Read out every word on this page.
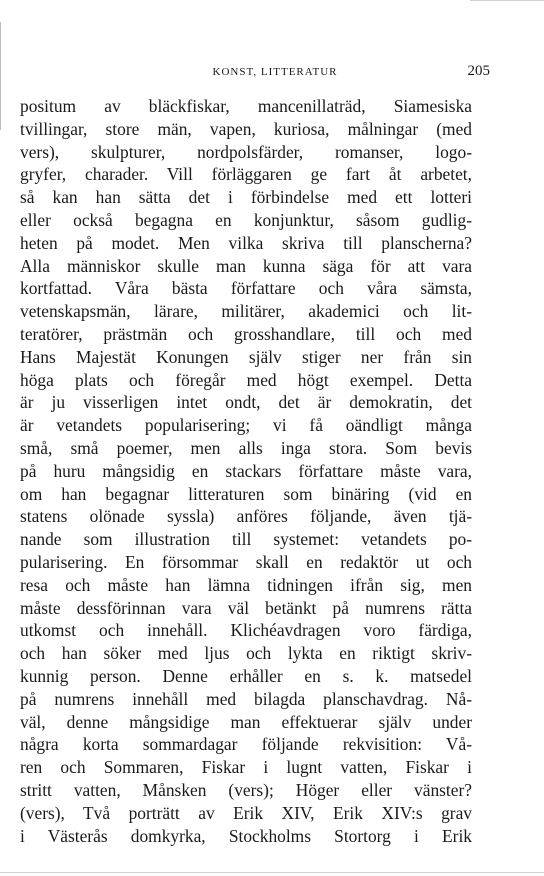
KONST, LITTERATUR	205
positum av bläckfiskar, mancenillaträd, Siamesiska
tvillingar, store män, vapen, kuriosa, målningar (med
vers), skulpturer, nordpolsfärder, romanser, logo-
gryfer, charader. Vill förläggaren ge fart åt arbetet,
så kan han sätta det i förbindelse med ett lotteri
eller också begagna en konjunktur, såsom gudlig-
heten på modet. Men vilka skriva till planscherna?
Alla människor skulle man kunna säga för att vara
kortfattad. Våra bästa författare och våra sämsta,
vetenskapsmän, lärare, militärer, akademici och lit-
teratörer, prästmän och grosshandlare, till och med
Hans Majestät Konungen själv stiger ner från sin
höga plats och föregår med högt exempel. Detta
är ju visserligen intet ondt, det är demokratin, det
är vetandets popularisering; vi få oändligt många
små, små poemer, men alls inga stora. Som bevis
på huru mångsidig en stackars författare måste vara,
om han begagnar litteraturen som binäring (vid en
statens olönade syssla) anföres följande, även tjä-
nande som illustration till systemet: vetandets po-
pularisering. En försommar skall en redaktör ut och
resa och måste han lämna tidningen ifrån sig, men
måste dessförinnan vara väl betänkt på numrens rätta
utkomst och innehåll. Klichéavdragen voro färdiga,
och han söker med ljus och lykta en riktigt skriv-
kunnig person. Denne erhåller en s. k. matsedel
på numrens innehåll med bilagda planschavdrag. Nå-
väl, denne mångsidige man effektuerar själv under
några korta sommardagar följande rekvisition: Vå-
ren och Sommaren, Fiskar i lugnt vatten, Fiskar i
stritt vatten, Månsken (vers); Höger eller vänster?
(vers), Två porträtt av Erik XIV, Erik XIV:s grav
i Västerås domkyrka, Stockholms Stortorg i Erik
